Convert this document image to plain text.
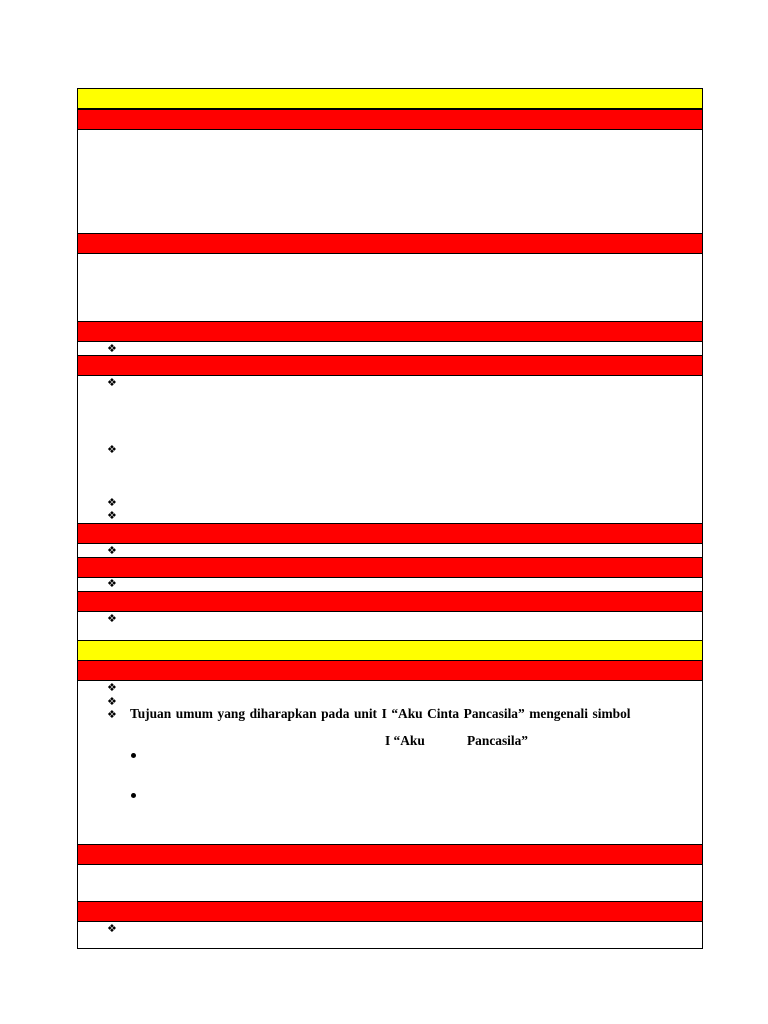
❖
❖
❖
❖
❖
❖
❖
❖
❖
❖
❖ Tujuan umum yang diharapkan pada unit I “Aku Cinta Pancasila” mengenali simbol
I “Aku	Pancasila”
❖
